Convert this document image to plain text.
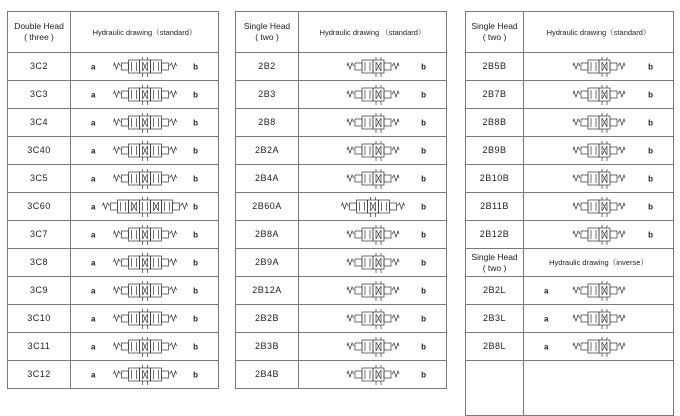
Double Head
( three )	Hydraulic drawing（standard）
3C2	a	b
3C3	a	b
3C4	a	b
3C40	a	b
3C5	a	b
3C60	a	b
3C7	a	b
3C8	a	b
3C9	a	b
3C10	a	b
3C11	a	b
3C12	a	b
Single Head
( two )	Hydraulic drawing （standard）
2B2	b
2B3	b
2B8	b
2B2A	b
2B4A	b
2B60A	b
2B8A	b
2B9A	b
2B12A	b
2B2B	b
2B3B	b
2B4B	b
Single Head
( two )	Hydraulic drawing（standard）
2B5B	b
2B7B	b
2B8B	b
2B9B	b
2B10B	b
2B11B	b
2B12B	b
Single Head
( two )	Hydraulic drawing（inverse）
2B2L	a
2B3L	a
2B8L	a
